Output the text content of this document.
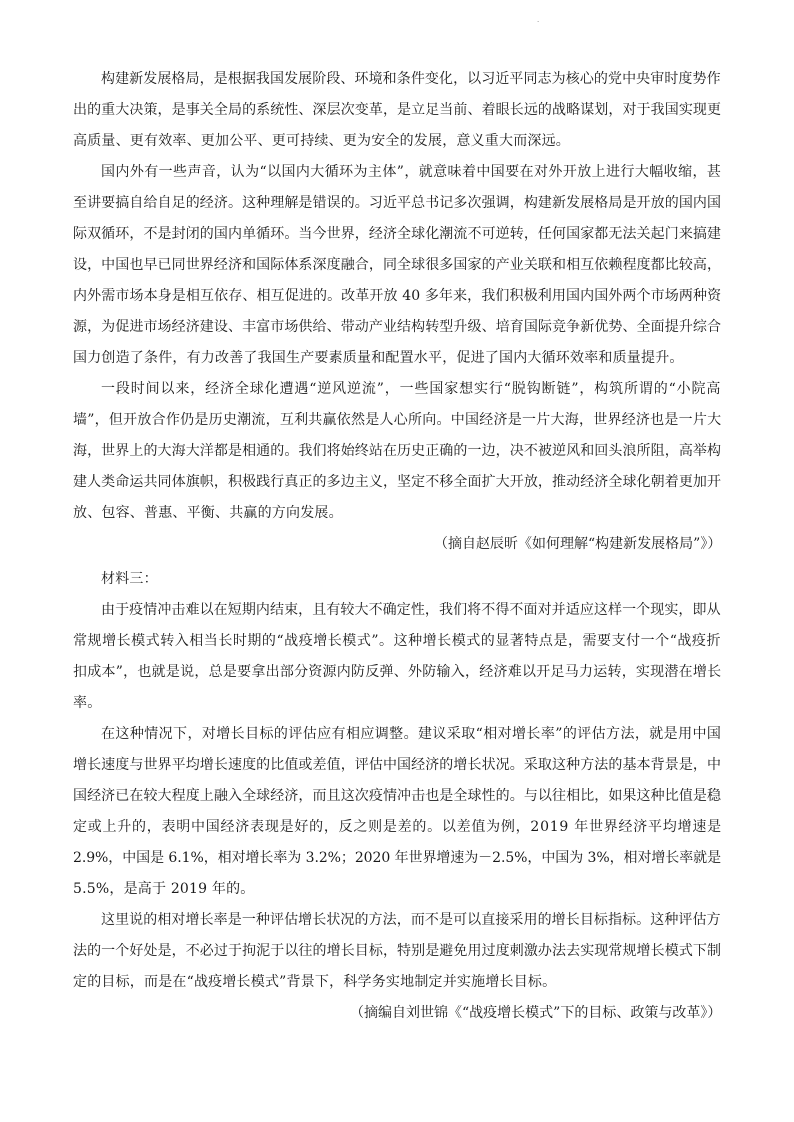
.
构建新发展格局，是根据我国发展阶段、环境和条件变化，以习近平同志为核心的党中央审时度势作
出的重大决策，是事关全局的系统性、深层次变革，是立足当前、着眼长远的战略谋划，对于我国实现更
高质量、更有效率、更加公平、更可持续、更为安全的发展，意义重大而深远。
国内外有一些声音，认为“以国内大循环为主体”，就意味着中国要在对外开放上进行大幅收缩，甚
至讲要搞自给自足的经济。这种理解是错误的。习近平总书记多次强调，构建新发展格局是开放的国内国
际双循环，不是封闭的国内单循环。当今世界，经济全球化潮流不可逆转，任何国家都无法关起门来搞建
设，中国也早已同世界经济和国际体系深度融合，同全球很多国家的产业关联和相互依赖程度都比较高，
内外需市场本身是相互依存、相互促进的。改革开放 40 多年来，我们积极利用国内国外两个市场两种资
源，为促进市场经济建设、丰富市场供给、带动产业结构转型升级、培育国际竞争新优势、全面提升综合
国力创造了条件，有力改善了我国生产要素质量和配置水平，促进了国内大循环效率和质量提升。
一段时间以来，经济全球化遭遇“逆风逆流”，一些国家想实行“脱钩断链”，构筑所谓的“小院高
墙”，但开放合作仍是历史潮流，互利共赢依然是人心所向。中国经济是一片大海，世界经济也是一片大
海，世界上的大海大洋都是相通的。我们将始终站在历史正确的一边，决不被逆风和回头浪所阻，高举构
建人类命运共同体旗帜，积极践行真正的多边主义，坚定不移全面扩大开放，推动经济全球化朝着更加开
放、包容、普惠、平衡、共赢的方向发展。
（摘自赵辰昕《如何理解“构建新发展格局”》）
材料三：
由于疫情冲击难以在短期内结束，且有较大不确定性，我们将不得不面对并适应这样一个现实，即从
常规增长模式转入相当长时期的“战疫增长模式”。这种增长模式的显著特点是，需要支付一个“战疫折
扣成本”，也就是说，总是要拿出部分资源内防反弹、外防输入，经济难以开足马力运转，实现潜在增长
率。
在这种情况下，对增长目标的评估应有相应调整。建议采取“相对增长率”的评估方法，就是用中国
增长速度与世界平均增长速度的比值或差值，评估中国经济的增长状况。采取这种方法的基本背景是，中
国经济已在较大程度上融入全球经济，而且这次疫情冲击也是全球性的。与以往相比，如果这种比值是稳
定或上升的，表明中国经济表现是好的，反之则是差的。以差值为例，2019 年世界经济平均增速是
2.9%，中国是 6.1%，相对增长率为 3.2%；2020 年世界增速为－2.5%，中国为 3%，相对增长率就是
5.5%，是高于 2019 年的。
这里说的相对增长率是一种评估增长状况的方法，而不是可以直接采用的增长目标指标。这种评估方
法的一个好处是，不必过于拘泥于以往的增长目标，特别是避免用过度刺激办法去实现常规增长模式下制
定的目标，而是在“战疫增长模式”背景下，科学务实地制定并实施增长目标。
（摘编自刘世锦《“战疫增长模式”下的目标、政策与改革》）
